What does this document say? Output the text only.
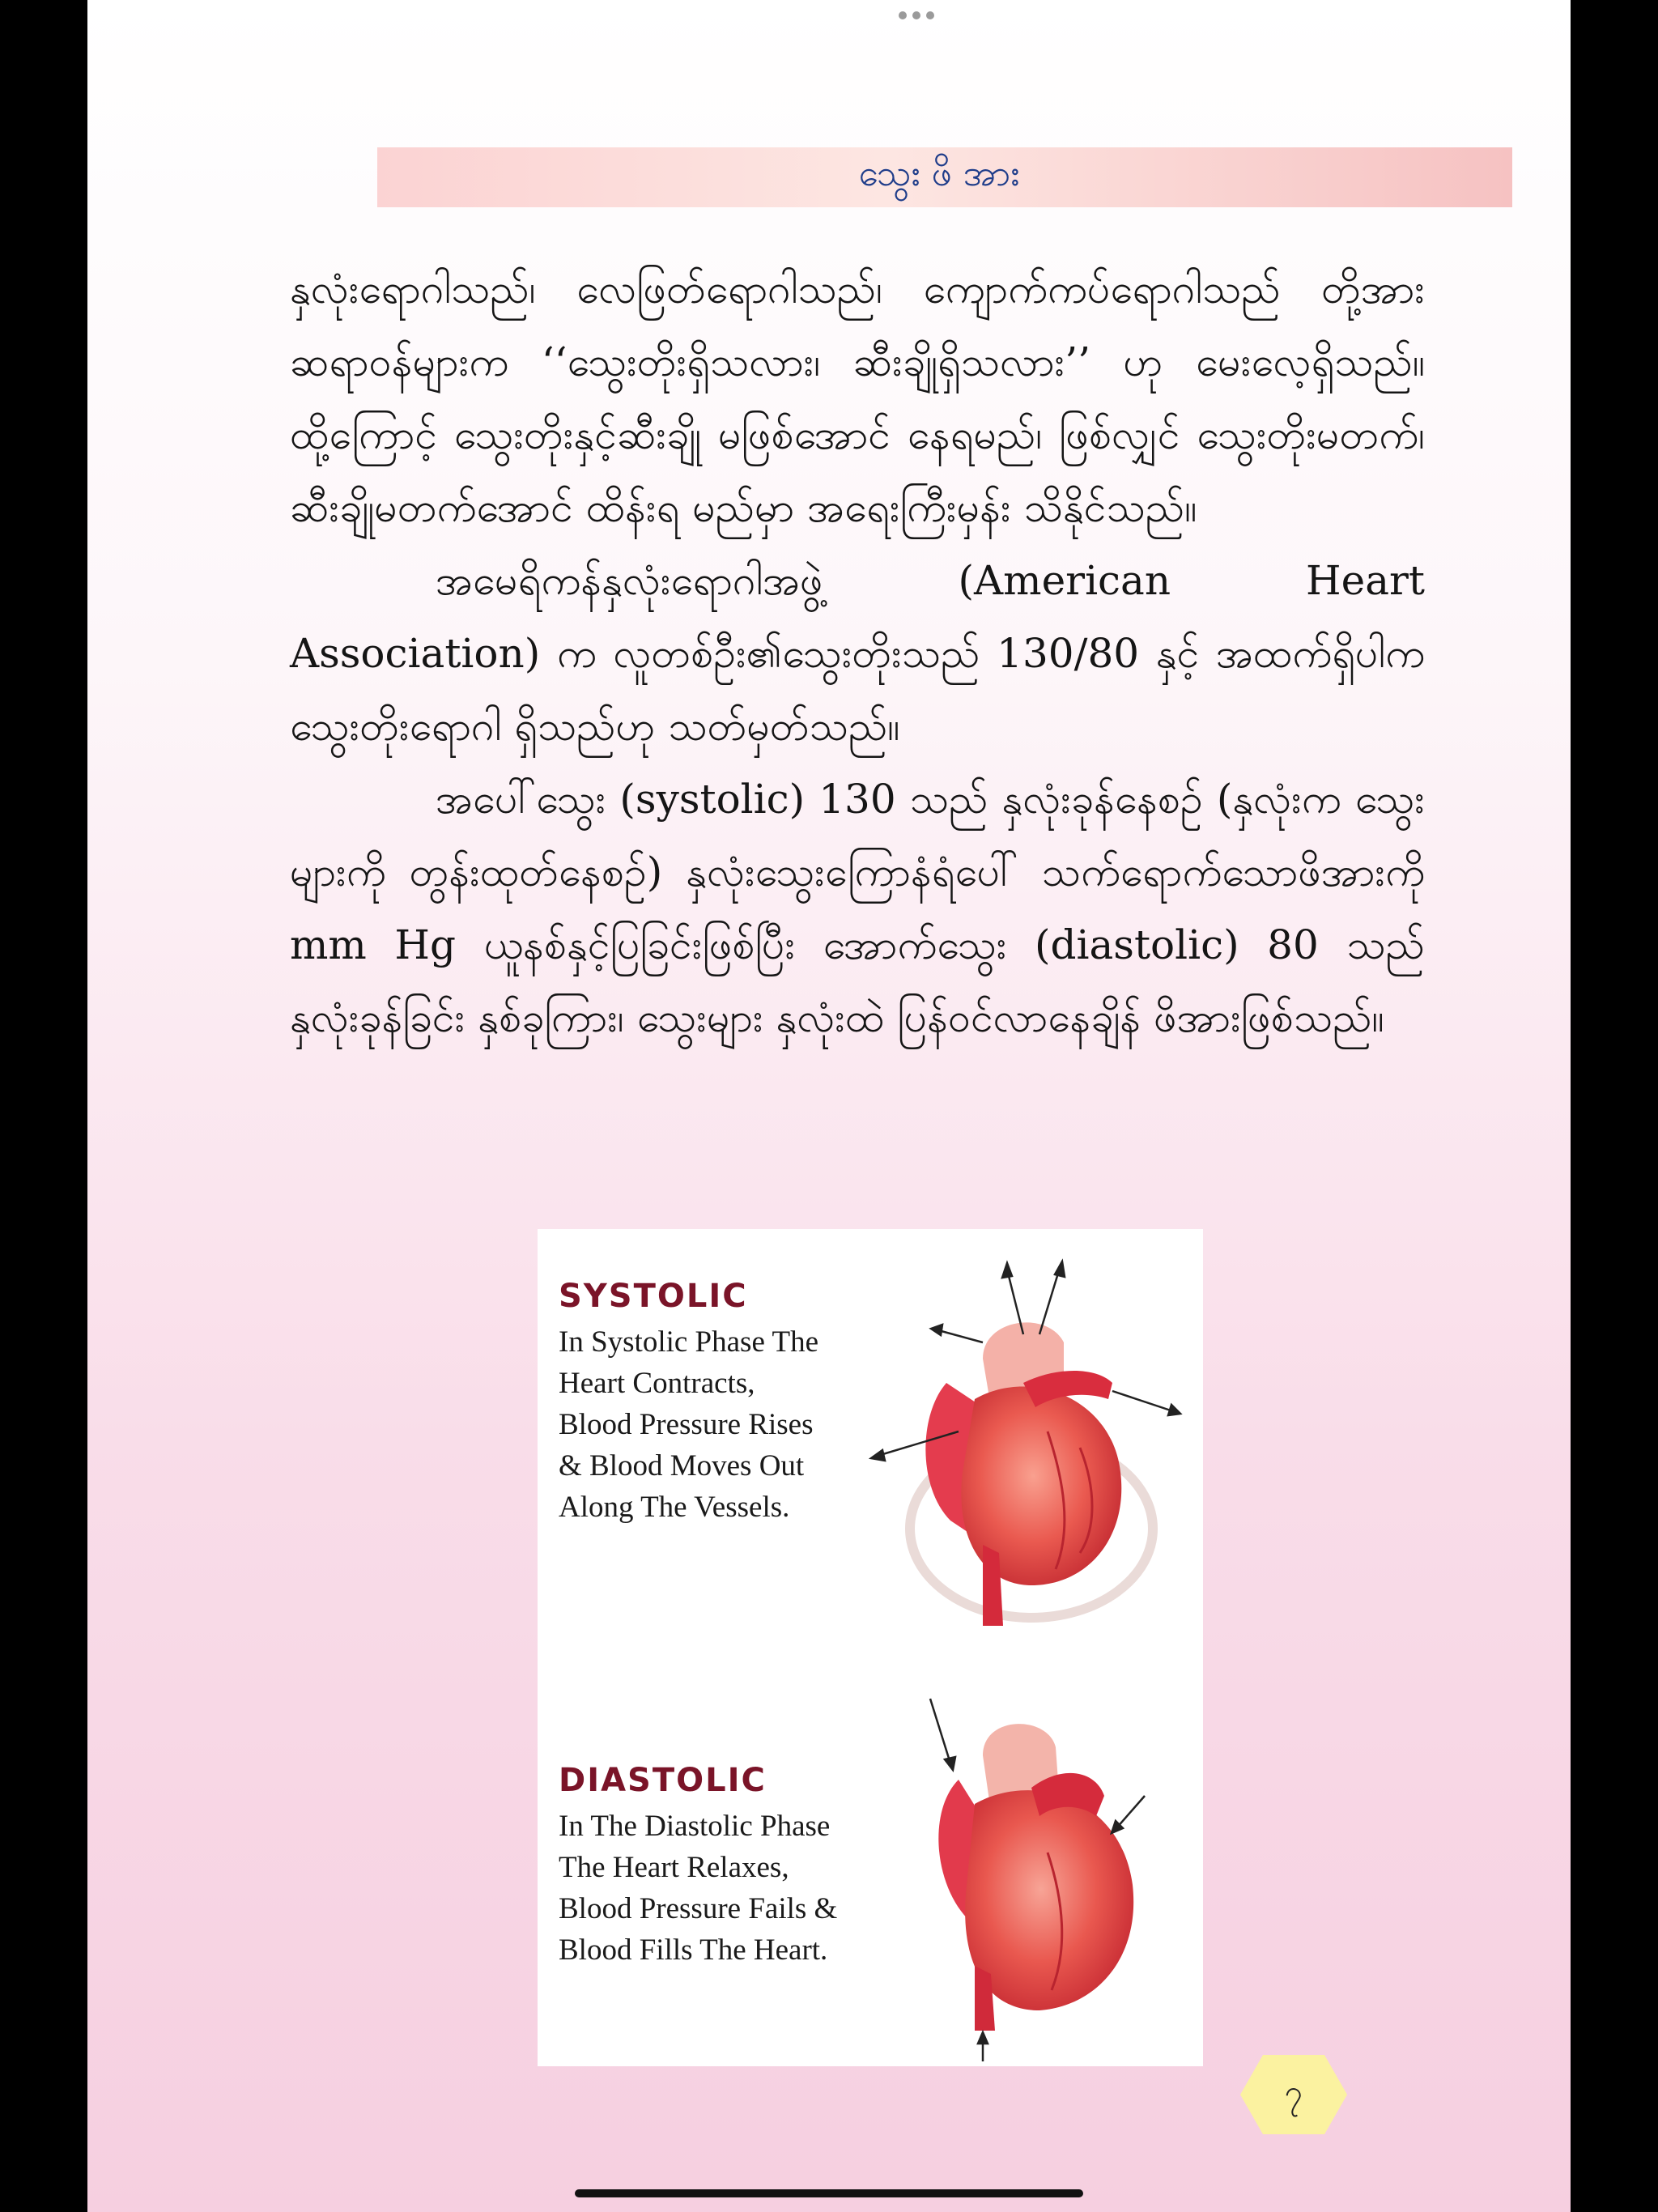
သွေးဖိအား

နှလုံးရောဂါသည်၊ လေဖြတ်ရောဂါသည်၊ ကျောက်ကပ်ရောဂါသည် တို့အား ဆရာဝန်များက ‘‘သွေးတိုးရှိသလား၊ ဆီးချိုရှိသလား’’ ဟု မေးလေ့ရှိသည်။ ထို့ကြောင့် သွေးတိုးနှင့်ဆီးချို မဖြစ်အောင် နေရမည်၊ ဖြစ်လျှင် သွေးတိုးမတက်၊ ဆီးချိုမတက်အောင် ထိန်းရ မည်မှာ အရေးကြီးမှန်း သိနိုင်သည်။

အမေရိကန်နှလုံးရောဂါအဖွဲ့ (American Heart Association) က လူတစ်ဦး၏သွေးတိုးသည် 130/80 နှင့် အထက်ရှိပါက သွေးတိုးရောဂါ ရှိသည်ဟု သတ်မှတ်သည်။

အပေါ်သွေး (systolic) 130 သည် နှလုံးခုန်နေစဉ် (နှလုံးက သွေးများကို တွန်းထုတ်နေစဉ်) နှလုံးသွေးကြောနံရံပေါ် သက်ရောက်သောဖိအားကို mm Hg ယူနစ်နှင့်ပြခြင်းဖြစ်ပြီး အောက်သွေး (diastolic) 80 သည် နှလုံးခုန်ခြင်း နှစ်ခုကြား၊ သွေးများ နှလုံးထဲ ပြန်ဝင်လာနေချိန် ဖိအားဖြစ်သည်။

SYSTOLIC
In Systolic Phase The
Heart Contracts,
Blood Pressure Rises
& Blood Moves Out
Along The Vessels.
DIASTOLIC
In The Diastolic Phase
The Heart Relaxes,
Blood Pressure Fails &
Blood Fills The Heart.
၇
